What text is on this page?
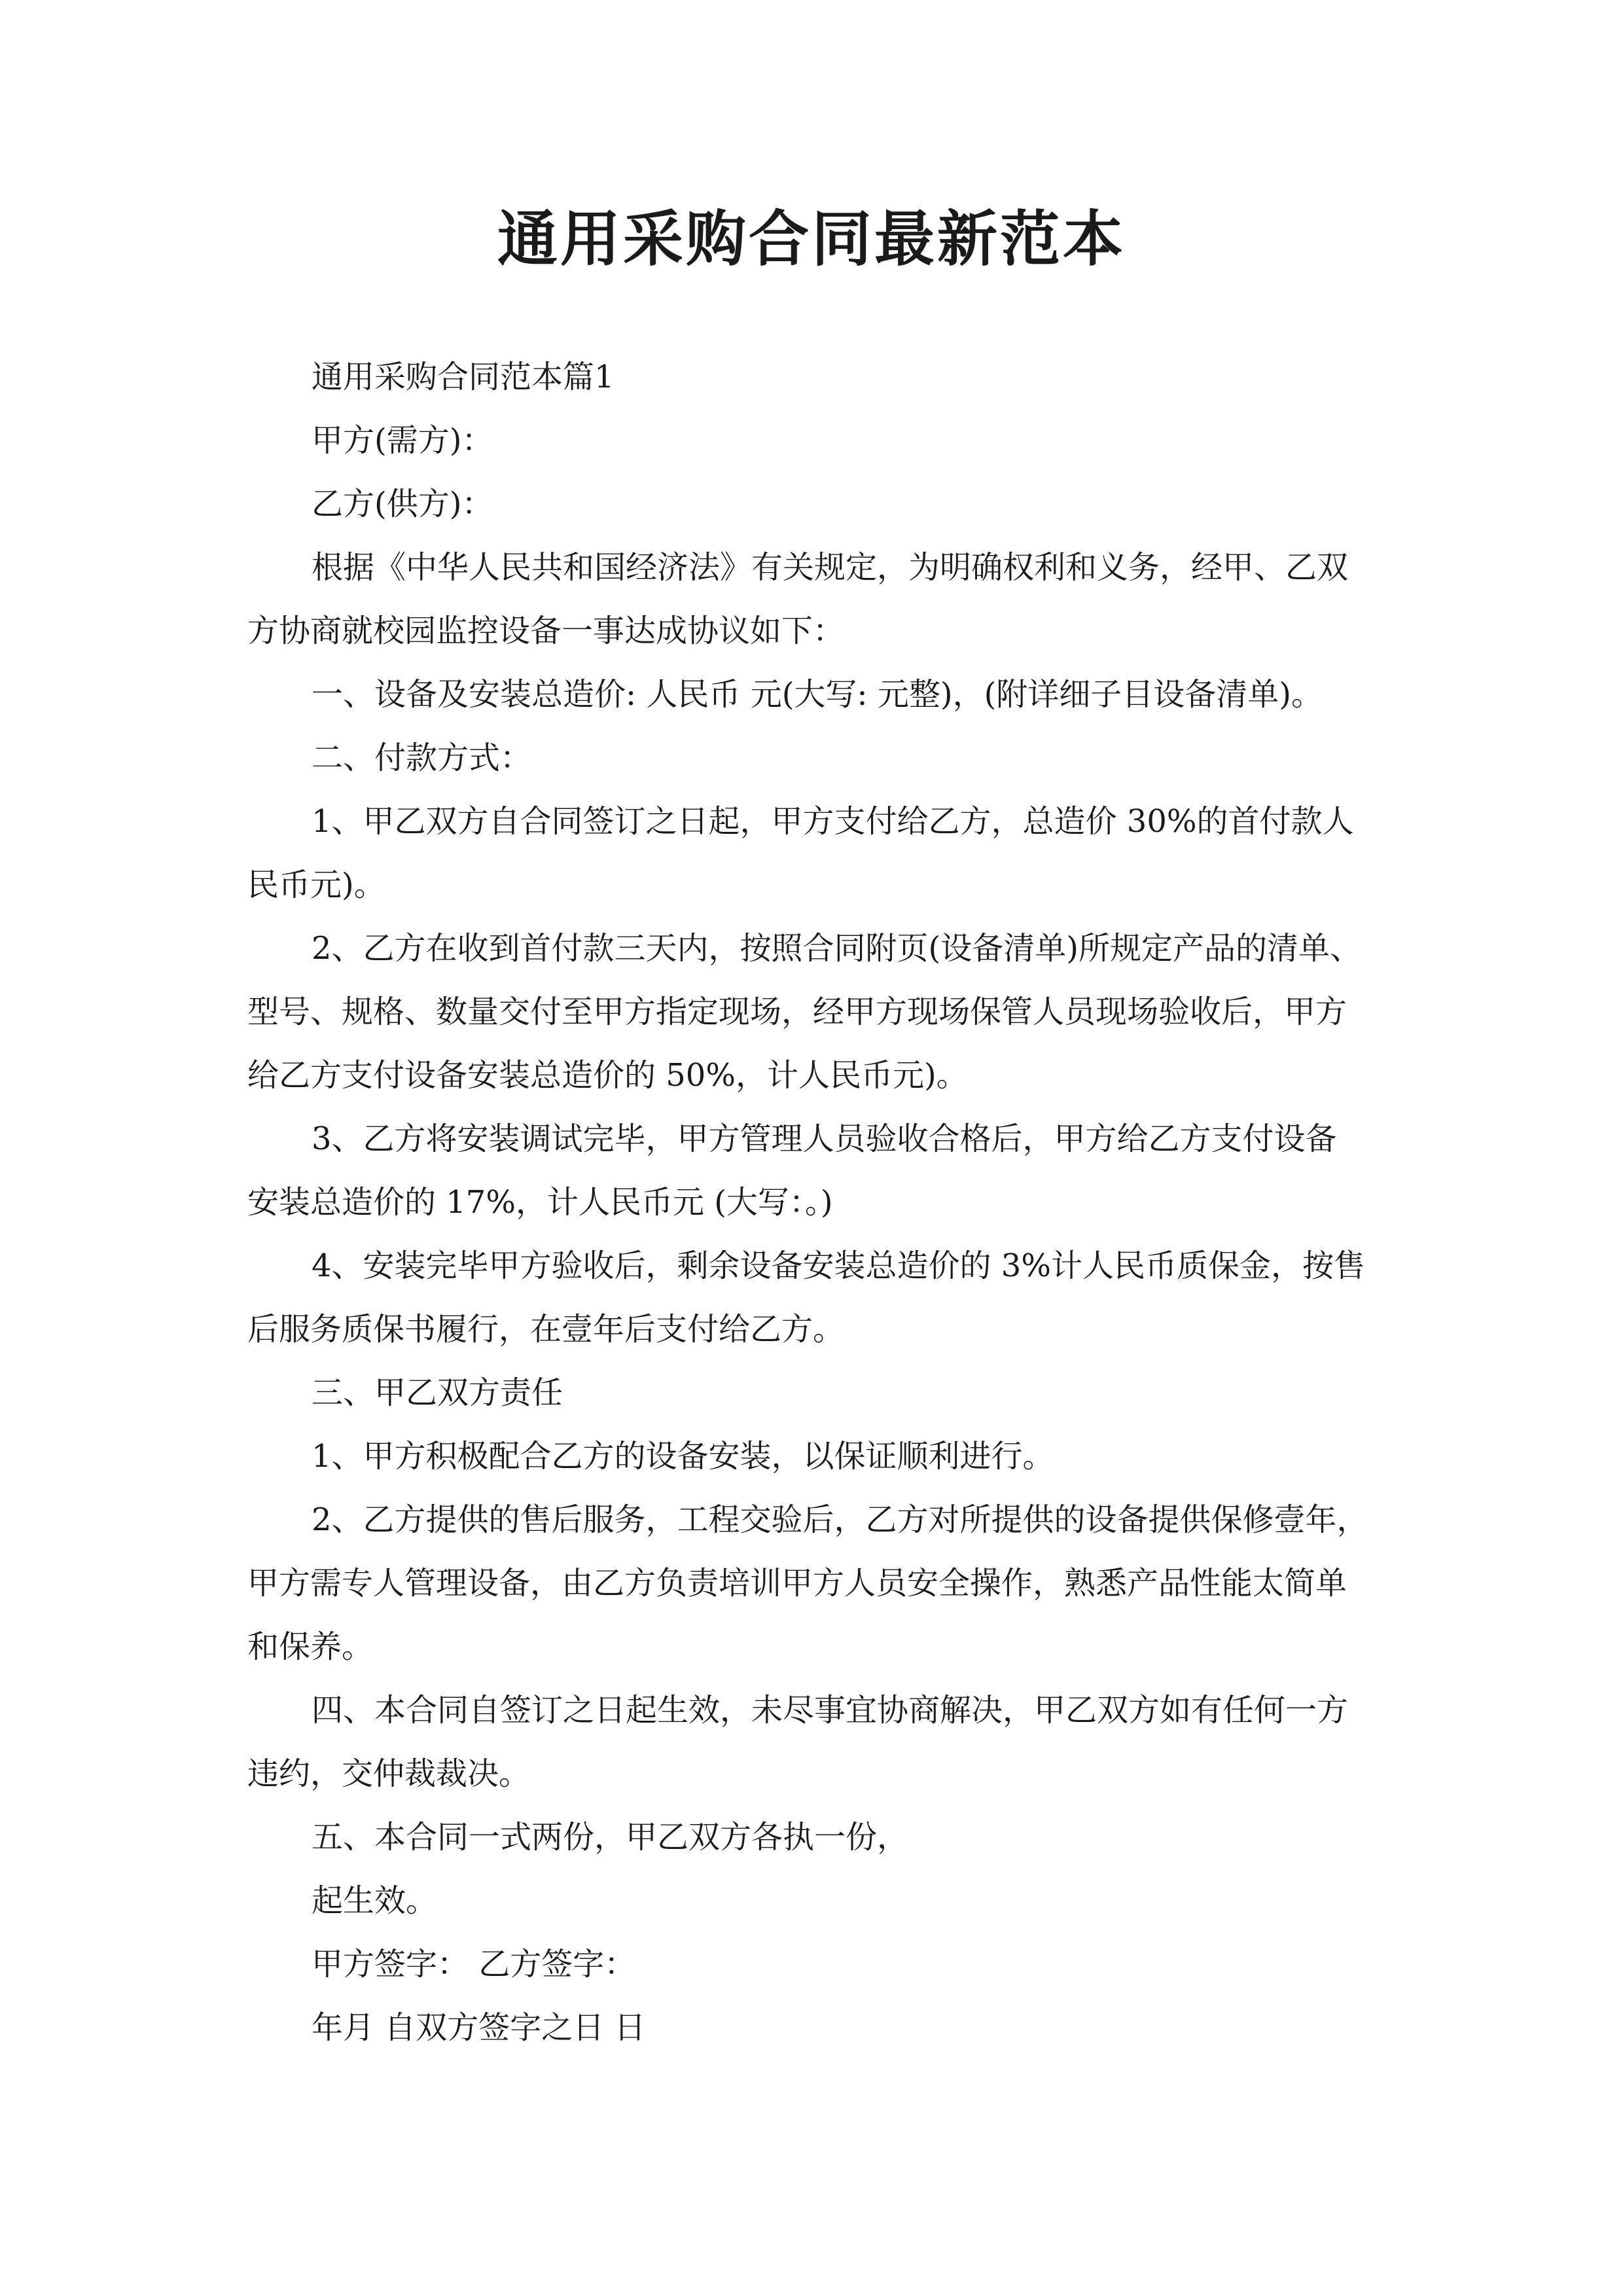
通用采购合同最新范本

通用采购合同范本篇1

甲方(需方)：

乙方(供方)：

根据《中华人民共和国经济法》有关规定，为明确权利和义务，经甲、乙双

方协商就校园监控设备一事达成协议如下：

一、设备及安装总造价: 人民币 元(大写: 元整)，(附详细子目设备清单)。

二、付款方式：

1、甲乙双方自合同签订之日起，甲方支付给乙方，总造价 30%的首付款人

民币元)。

2、乙方在收到首付款三天内，按照合同附页(设备清单)所规定产品的清单、

型号、规格、数量交付至甲方指定现场，经甲方现场保管人员现场验收后，甲方

给乙方支付设备安装总造价的 50%，计人民币元)。

3、乙方将安装调试完毕，甲方管理人员验收合格后，甲方给乙方支付设备

安装总造价的 17%，计人民币元 (大写：。)

4、安装完毕甲方验收后，剩余设备安装总造价的 3%计人民币质保金，按售

后服务质保书履行，在壹年后支付给乙方。

三、甲乙双方责任

1、甲方积极配合乙方的设备安装，以保证顺利进行。

2、乙方提供的售后服务，工程交验后，乙方对所提供的设备提供保修壹年，

甲方需专人管理设备，由乙方负责培训甲方人员安全操作，熟悉产品性能太简单

和保养。

四、本合同自签订之日起生效，未尽事宜协商解决，甲乙双方如有任何一方

违约，交仲裁裁决。

五、本合同一式两份，甲乙双方各执一份，

起生效。

甲方签字： 乙方签字：

年月 自双方签字之日 日
